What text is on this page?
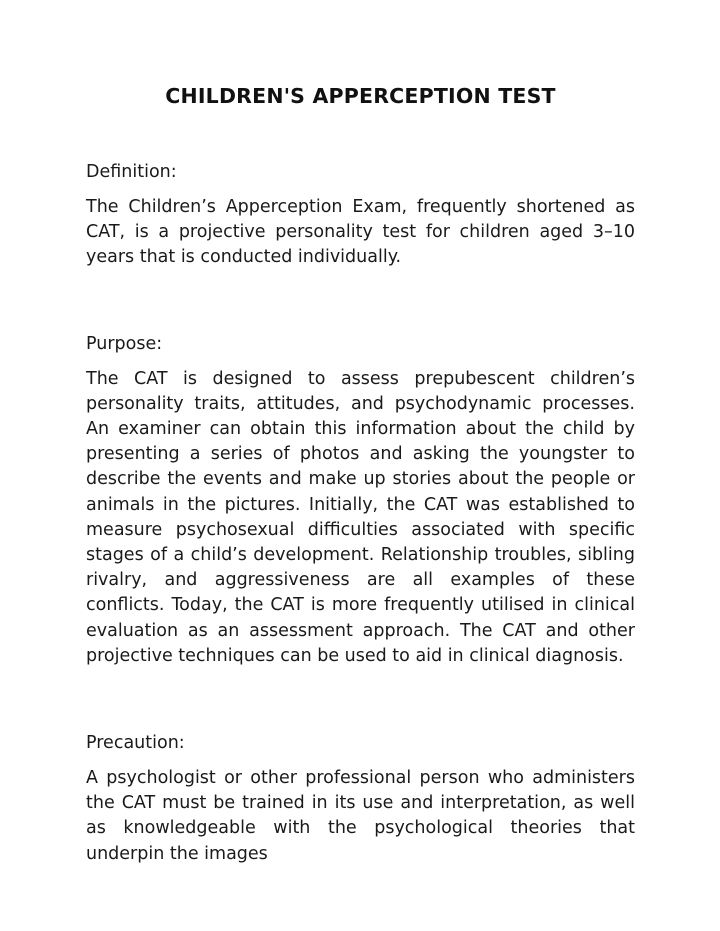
CHILDREN'S APPERCEPTION TEST

Definition:

The Children’s Apperception Exam, frequently shortened as CAT, is a projective personality test for children aged 3–10 years that is conducted individually.

Purpose:

The CAT is designed to assess prepubescent children’s personality traits, attitudes, and psychodynamic processes. An examiner can obtain this information about the child by presenting a series of photos and asking the youngster to describe the events and make up stories about the people or animals in the pictures. Initially, the CAT was established to measure psychosexual difficulties associated with specific stages of a child’s development. Relationship troubles, sibling rivalry, and aggressiveness are all examples of these conflicts. Today, the CAT is more frequently utilised in clinical evaluation as an assessment approach. The CAT and other projective techniques can be used to aid in clinical diagnosis.

Precaution:

A psychologist or other professional person who administers the CAT must be trained in its use and interpretation, as well as knowledgeable with the psychological theories that underpin the images
